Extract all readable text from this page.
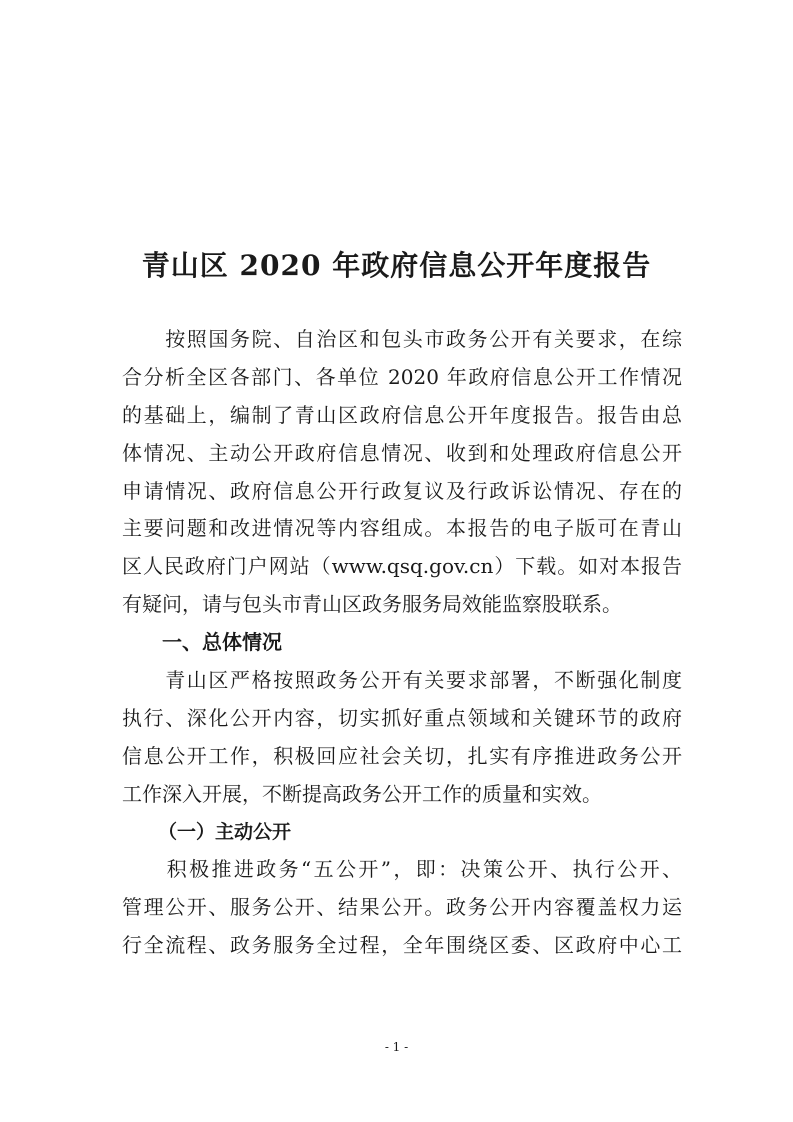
青山区 2020 年政府信息公开年度报告
　　按照国务院、自治区和包头市政务公开有关要求，在综
合分析全区各部门、各单位 2020 年政府信息公开工作情况
的基础上，编制了青山区政府信息公开年度报告。报告由总
体情况、主动公开政府信息情况、收到和处理政府信息公开
申请情况、政府信息公开行政复议及行政诉讼情况、存在的
主要问题和改进情况等内容组成。本报告的电子版可在青山
区人民政府门户网站（www.qsq.gov.cn）下载。如对本报告
有疑问，请与包头市青山区政务服务局效能监察股联系。
一、总体情况
　　青山区严格按照政务公开有关要求部署，不断强化制度
执行、深化公开内容，切实抓好重点领域和关键环节的政府
信息公开工作，积极回应社会关切，扎实有序推进政务公开
工作深入开展，不断提高政务公开工作的质量和实效。
（一）主动公开
　　积极推进政务“五公开”，即：决策公开、执行公开、
管理公开、服务公开、结果公开。政务公开内容覆盖权力运
行全流程、政务服务全过程，全年围绕区委、区政府中心工
- 1 -
